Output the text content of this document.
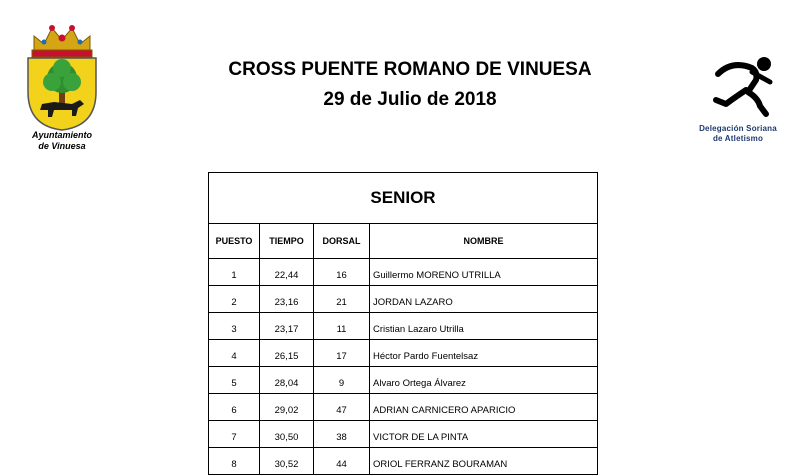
Ayuntamiento
de Vinuesa
CROSS PUENTE ROMANO DE VINUESA
29 de Julio de 2018
Delegación Soriana
de Atletismo
SENIOR			
PUESTO	TIEMPO	DORSAL	NOMBRE
1	22,44	16	Guillermo MORENO UTRILLA
2	23,16	21	JORDAN LAZARO
3	23,17	11	Cristian Lazaro Utrilla
4	26,15	17	Héctor Pardo Fuentelsaz
5	28,04	9	Alvaro Ortega Álvarez
6	29,02	47	ADRIAN CARNICERO APARICIO
7	30,50	38	VICTOR DE LA PINTA
8	30,52	44	ORIOL FERRANZ BOURAMAN
